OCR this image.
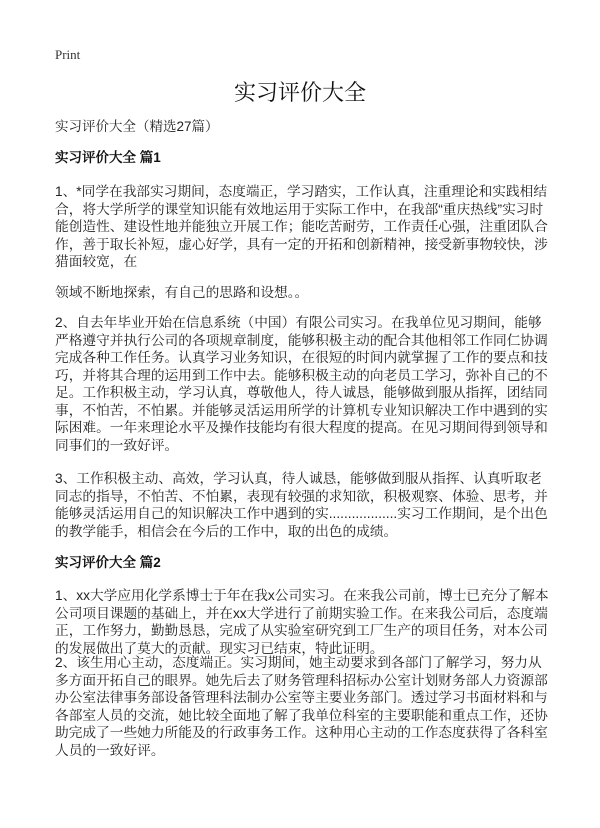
Print
实习评价大全
实习评价大全（精选27篇）
实习评价大全 篇1
1、*同学在我部实习期间，态度端正，学习踏实，工作认真，注重理论和实践相结
合，将大学所学的课堂知识能有效地运用于实际工作中，在我部“重庆热线”实习时
能创造性、建设性地并能独立开展工作；能吃苦耐劳，工作责任心强，注重团队合
作，善于取长补短，虚心好学，具有一定的开拓和创新精神，接受新事物较快，涉
猎面较宽，在
领域不断地探索，有自己的思路和设想。。
2、自去年毕业开始在信息系统（中国）有限公司实习。在我单位见习期间，能够
严格遵守并执行公司的各项规章制度，能够积极主动的配合其他相邻工作同仁协调
完成各种工作任务。认真学习业务知识，在很短的时间内就掌握了工作的要点和技
巧，并将其合理的运用到工作中去。能够积极主动的向老员工学习，弥补自己的不
足。工作积极主动，学习认真，尊敬他人，待人诚恳，能够做到服从指挥，团结同
事，不怕苦，不怕累。并能够灵活运用所学的计算机专业知识解决工作中遇到的实
际困难。一年来理论水平及操作技能均有很大程度的提高。在见习期间得到领导和
同事们的一致好评。
3、工作积极主动、高效，学习认真，待人诚恳，能够做到服从指挥、认真听取老
同志的指导，不怕苦、不怕累，表现有较强的求知欲，积极观察、体验、思考，并
能够灵活运用自己的知识解决工作中遇到的实..................实习工作期间，是个出色
的教学能手，相信会在今后的工作中，取的出色的成绩。
实习评价大全 篇2
1、xx大学应用化学系博士于年在我x公司实习。在来我公司前，博士已充分了解本
公司项目课题的基础上，并在xx大学进行了前期实验工作。在来我公司后，态度端
正，工作努力，勤勤恳恳，完成了从实验室研究到工厂生产的项目任务，对本公司
的发展做出了莫大的贡献。现实习已结束，特此证明。
2、该生用心主动，态度端正。实习期间，她主动要求到各部门了解学习，努力从
多方面开拓自己的眼界。她先后去了财务管理科招标办公室计划财务部人力资源部
办公室法律事务部设备管理科法制办公室等主要业务部门。透过学习书面材料和与
各部室人员的交流，她比较全面地了解了我单位科室的主要职能和重点工作，还协
助完成了一些她力所能及的行政事务工作。这种用心主动的工作态度获得了各科室
人员的一致好评。
